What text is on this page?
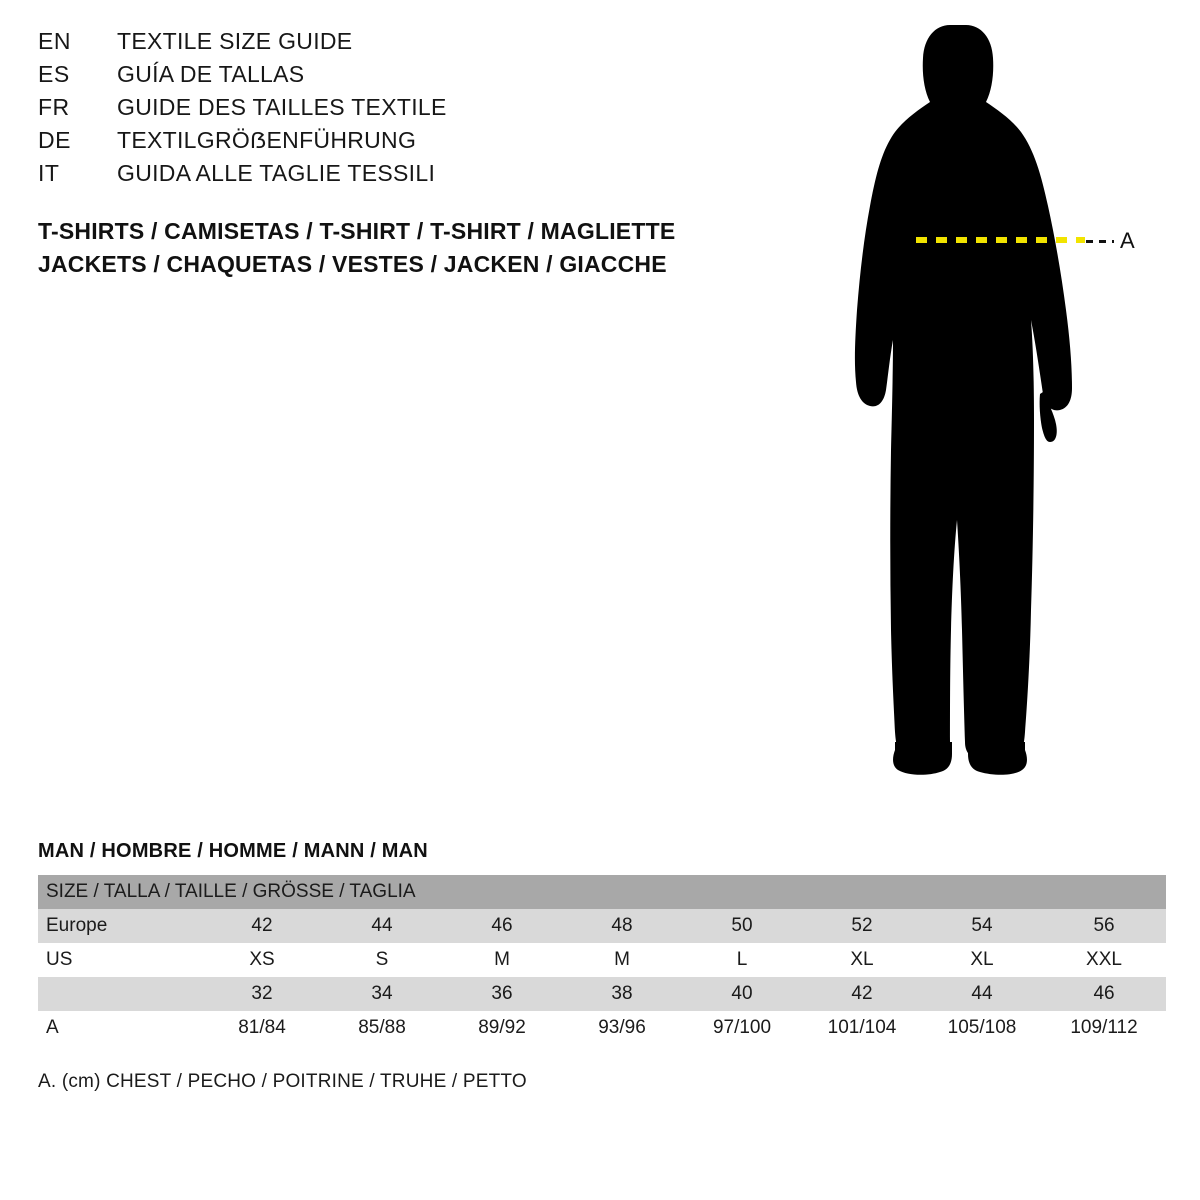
EN	TEXTILE SIZE GUIDE
ES	GUÍA DE TALLAS
FR	GUIDE DES TAILLES TEXTILE
DE	TEXTILGRÖẞENFÜHRUNG
IT	GUIDA ALLE TAGLIE TESSILI
T-SHIRTS / CAMISETAS / T-SHIRT / T-SHIRT / MAGLIETTE
JACKETS / CHAQUETAS / VESTES / JACKEN / GIACCHE
A
MAN / HOMBRE / HOMME / MANN / MAN
SIZE / TALLA / TAILLE / GRÖSSE / TAGLIA								
Europe	42	44	46	48	50	52	54	56
US	XS	S	M	M	L	XL	XL	XXL
	32	34	36	38	40	42	44	46
A	81/84	85/88	89/92	93/96	97/100	101/104	105/108	109/112
A. (cm) CHEST / PECHO / POITRINE / TRUHE / PETTO
